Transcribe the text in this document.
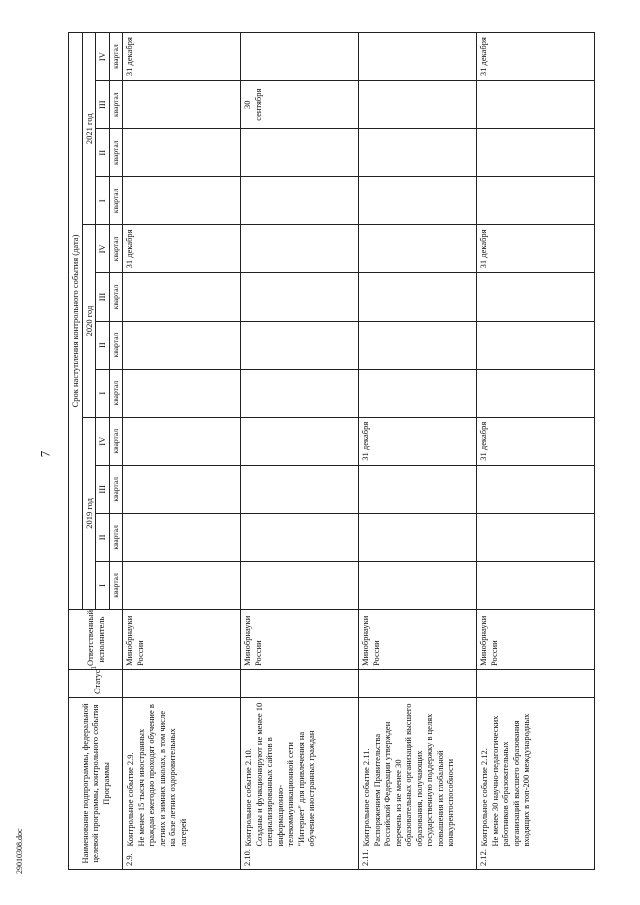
7
29010308.doc	Наименование подпрограммы, федеральной целевой программы, контрольного события Программы		Статус$^1$	Ответственный исполнитель	Срок наступления контрольного события (дата)											
				2019 год				2020 год				2021 год			
				I	II	III	IV	I	II	III	IV	I	II	III	IV
				квартал	квартал	квартал	квартал	квартал	квартал	квартал	квартал	квартал	квартал	квартал	квартал
2.9.	Контрольное событие 2.9. Не менее 15 тысяч иностранных граждан ежегодно проходят обучение в летних и зимних школах, в том числе на базе летних оздоровительных лагерей		Минобрнауки России								31 декабря				31 декабря
2.10.	Контрольное событие 2.10. Созданы и функционируют не менее 10 специализированных сайтов в информационно-телекоммуникационной сети "Интернет" для привлечения на обучение иностранных граждан		Минобрнауки России											30 сентября	
2.11.	Контрольное событие 2.11. Распоряжением Правительства Российской Федерации утвержден перечень из не менее 30 образовательных организаций высшего образования, получающих государственную поддержку в целях повышения их глобальной конкурентоспособности		Минобрнауки России				31 декабря								
2.12.	Контрольное событие 2.12. Не менее 30 научно-педагогических работников образовательных организаций высшего образования входящих в топ-200 международных		Минобрнауки России				31 декабря				31 декабря				31 декабря
